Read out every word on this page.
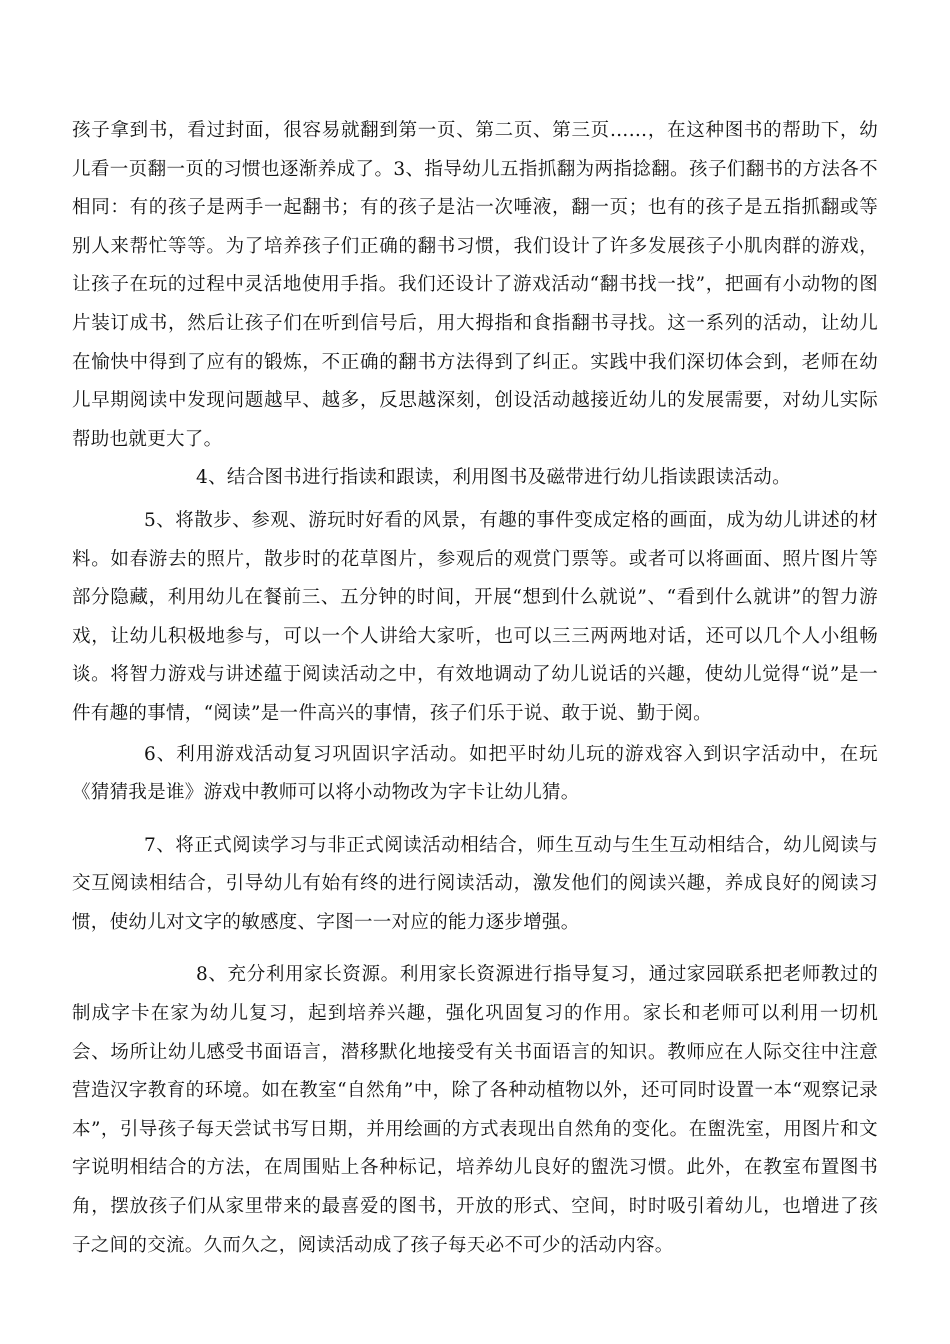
孩子拿到书，看过封面，很容易就翻到第一页、第二页、第三页……，在这种图书的帮助下，幼儿看一页翻一页的习惯也逐渐养成了。3、指导幼儿五指抓翻为两指捻翻。孩子们翻书的方法各不相同：有的孩子是两手一起翻书；有的孩子是沾一次唾液，翻一页；也有的孩子是五指抓翻或等别人来帮忙等等。为了培养孩子们正确的翻书习惯，我们设计了许多发展孩子小肌肉群的游戏，让孩子在玩的过程中灵活地使用手指。我们还设计了游戏活动“翻书找一找”，把画有小动物的图片装订成书，然后让孩子们在听到信号后，用大拇指和食指翻书寻找。这一系列的活动，让幼儿在愉快中得到了应有的锻炼，不正确的翻书方法得到了纠正。实践中我们深切体会到，老师在幼儿早期阅读中发现问题越早、越多，反思越深刻，创设活动越接近幼儿的发展需要，对幼儿实际帮助也就更大了。

4、结合图书进行指读和跟读，利用图书及磁带进行幼儿指读跟读活动。

5、将散步、参观、游玩时好看的风景，有趣的事件变成定格的画面，成为幼儿讲述的材料。如春游去的照片，散步时的花草图片，参观后的观赏门票等。或者可以将画面、照片图片等部分隐藏，利用幼儿在餐前三、五分钟的时间，开展“想到什么就说”、“看到什么就讲”的智力游戏，让幼儿积极地参与，可以一个人讲给大家听，也可以三三两两地对话，还可以几个人小组畅谈。将智力游戏与讲述蕴于阅读活动之中，有效地调动了幼儿说话的兴趣，使幼儿觉得“说”是一件有趣的事情，“阅读”是一件高兴的事情，孩子们乐于说、敢于说、勤于阅。

6、利用游戏活动复习巩固识字活动。如把平时幼儿玩的游戏容入到识字活动中，在玩《猜猜我是谁》游戏中教师可以将小动物改为字卡让幼儿猜。

7、将正式阅读学习与非正式阅读活动相结合，师生互动与生生互动相结合，幼儿阅读与交互阅读相结合，引导幼儿有始有终的进行阅读活动，激发他们的阅读兴趣，养成良好的阅读习惯，使幼儿对文字的敏感度、字图一一对应的能力逐步增强。

8、充分利用家长资源。利用家长资源进行指导复习，通过家园联系把老师教过的制成字卡在家为幼儿复习，起到培养兴趣，强化巩固复习的作用。家长和老师可以利用一切机会、场所让幼儿感受书面语言，潜移默化地接受有关书面语言的知识。教师应在人际交往中注意营造汉字教育的环境。如在教室“自然角”中，除了各种动植物以外，还可同时设置一本“观察记录本”，引导孩子每天尝试书写日期，并用绘画的方式表现出自然角的变化。在盥洗室，用图片和文字说明相结合的方法，在周围贴上各种标记，培养幼儿良好的盥洗习惯。此外，在教室布置图书角，摆放孩子们从家里带来的最喜爱的图书，开放的形式、空间，时时吸引着幼儿，也增进了孩子之间的交流。久而久之，阅读活动成了孩子每天必不可少的活动内容。
